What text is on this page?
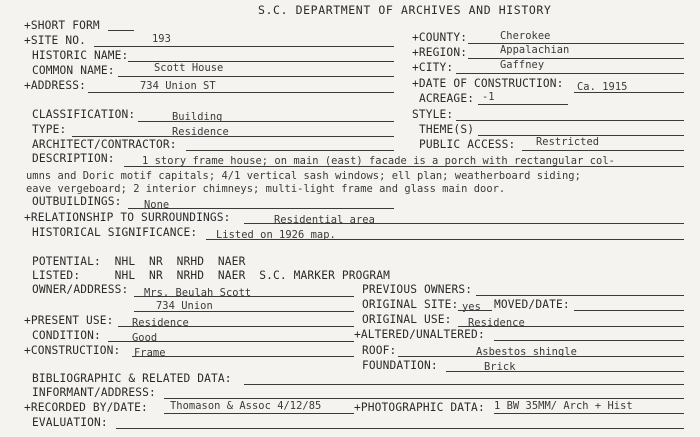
S.C. DEPARTMENT OF ARCHIVES AND HISTORY
+SHORT FORM
+SITE NO.	193
HISTORIC NAME:
COMMON NAME:	Scott House
+ADDRESS:	734 Union ST
+COUNTY:	Cherokee
+REGION:	Appalachian
+CITY:	Gaffney
+DATE OF CONSTRUCTION: Ca. 1915
ACREAGE: -1
CLASSIFICATION:	Building
TYPE:	Residence
ARCHITECT/CONTRACTOR:
STYLE:
THEME(S)
PUBLIC ACCESS: Restricted
DESCRIPTION:	1 story frame house; on main (east) facade is a porch with rectangular col-
umns and Doric motif capitals; 4/1 vertical sash windows; ell plan; weatherboard siding;
eave vergeboard; 2 interior chimneys; multi-light frame and glass main door.
OUTBUILDINGS: None
+RELATIONSHIP TO SURROUNDINGS:	Residential area
HISTORICAL SIGNIFICANCE: Listed on 1926 map.
POTENTIAL:  NHL  NR  NRHD  NAER
LISTED:     NHL  NR  NRHD  NAER  S.C. MARKER PROGRAM
OWNER/ADDRESS: Mrs. Beulah Scott
734 Union
PREVIOUS OWNERS:
ORIGINAL SITE: yes MOVED/DATE:
+PRESENT USE: Residence	ORIGINAL USE: Residence
CONDITION:	Good	+ALTERED/UNALTERED:
+CONSTRUCTION: Frame	ROOF:	Asbestos shingle
FOUNDATION:	Brick
BIBLIOGRAPHIC & RELATED DATA:
INFORMANT/ADDRESS:
+RECORDED BY/DATE: Thomason & Assoc 4/12/85	+PHOTOGRAPHIC DATA: 1 BW 35MM/ Arch + Hist
EVALUATION:
